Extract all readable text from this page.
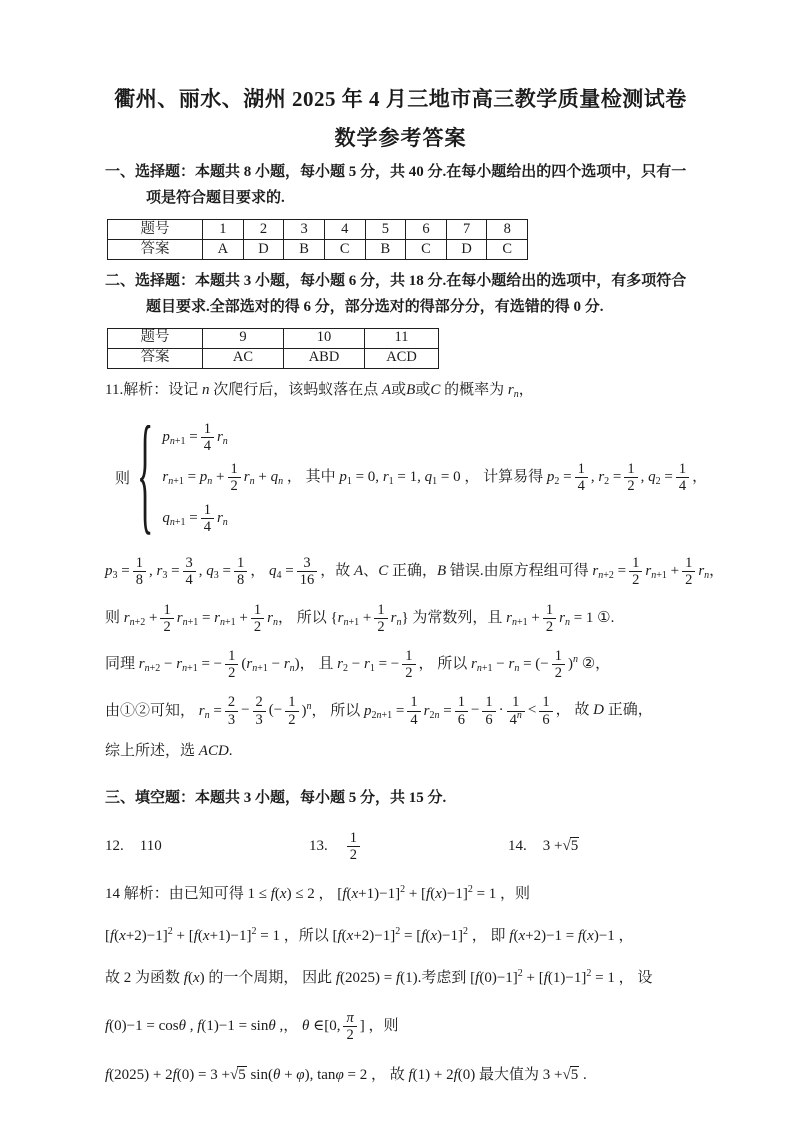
衢州、丽水、湖州 2025 年 4 月三地市高三教学质量检测试卷
数学参考答案

一、选择题：本题共 8 小题，每小题 5 分，共 40 分.在每小题给出的四个选项中，只有一项是符合题目要求的.

题号	1	2	3	4	5	6	7	8
答案	A	D	B	C	B	C	D	C

二、选择题：本题共 3 小题，每小题 6 分，共 18 分.在每小题给出的选项中，有多项符合题目要求.全部选对的得 6 分，部分选对的得部分分，有选错的得 0 分.

题号	9	10	11
答案	AC	ABD	ACD
11.解析：设记 n 次爬行后，该蚂蚁落在点 A或B或C 的概率为 $r_n$，
则 { $p_{n+1} = \frac{1}{4} r_n$
$r_{n+1} = p_n + \frac{1}{2} r_n + q_n$ ， 其中 $p_1 = 0$, $r_1 = 1$, $q_1 = 0$ ， 计算易得 $p_2 = \frac{1}{4}$ , $r_2 = \frac{1}{2}$ , $q_2 = \frac{1}{4}$ ，
$q_{n+1} = \frac{1}{4} r_n$
$p_3 = \frac{1}{8}$ , $r_3 = \frac{3}{4}$ , $q_3 = \frac{1}{8}$ ， $q_4 = \frac{3}{16}$ ，故 A、C 正确，B 错误.由原方程组可得 $r_{n+2} = \frac{1}{2} r_{n+1} + \frac{1}{2} r_n$，
则 $r_{n+2} + \frac{1}{2} r_{n+1} = r_{n+1} + \frac{1}{2} r_n$， 所以 $\{r_{n+1} + \frac{1}{2} r_n\}$ 为常数列，且 $r_{n+1} + \frac{1}{2} r_n = 1$ ①.
同理 $r_{n+2} - r_{n+1}$ = − $\frac{1}{2} (r_{n+1} - r_n)$， 且 $r_2 - r_1$ = − $\frac{1}{2}$ ， 所以 $r_{n+1} - r_n$ = (− $\frac{1}{2} )^n$ ②，
由①②可知， $r_n = \frac{2}{3} - \frac{2}{3}$ (− $\frac{1}{2} )^n$， 所以 $p_{2n+1} = \frac{1}{4} r_{2n} = \frac{1}{6} - \frac{1}{6} \cdot \frac{1}{4^n} < \frac{1}{6}$ ， 故 D 正确，
综上所述，选 ACD.

三、填空题：本题共 3 小题，每小题 5 分，共 15 分.

12. 110	13. $\frac{1}{2}$	14. 3 +√5
14 解析：由已知可得 1 ≤ f(x) ≤ 2 ， $[f(x+1)-1]^2 + [f(x)-1]^2 = 1$ ，则
$[f(x+2)-1]^2 + [f(x+1)-1]^2 = 1$ ，所以 $[f(x+2)-1]^2 = [f(x)-1]^2$ ， 即 f(x+2)−1 = f(x)−1 ，
故 2 为函数 f(x) 的一个周期， 因此 f(2025) = f(1).考虑到 $[f(0)-1]^2 + [f(1)-1]^2 = 1$ ， 设
f(0)−1 = cosθ , f(1)−1 = sinθ ,， θ ∈[0, $\frac{\pi}{2}$ ] ，则
f(2025) + 2f(0) = 3 +√5 sin(θ + φ), tanφ = 2 ， 故 f(1) + 2f(0) 最大值为 3 +√5 .
